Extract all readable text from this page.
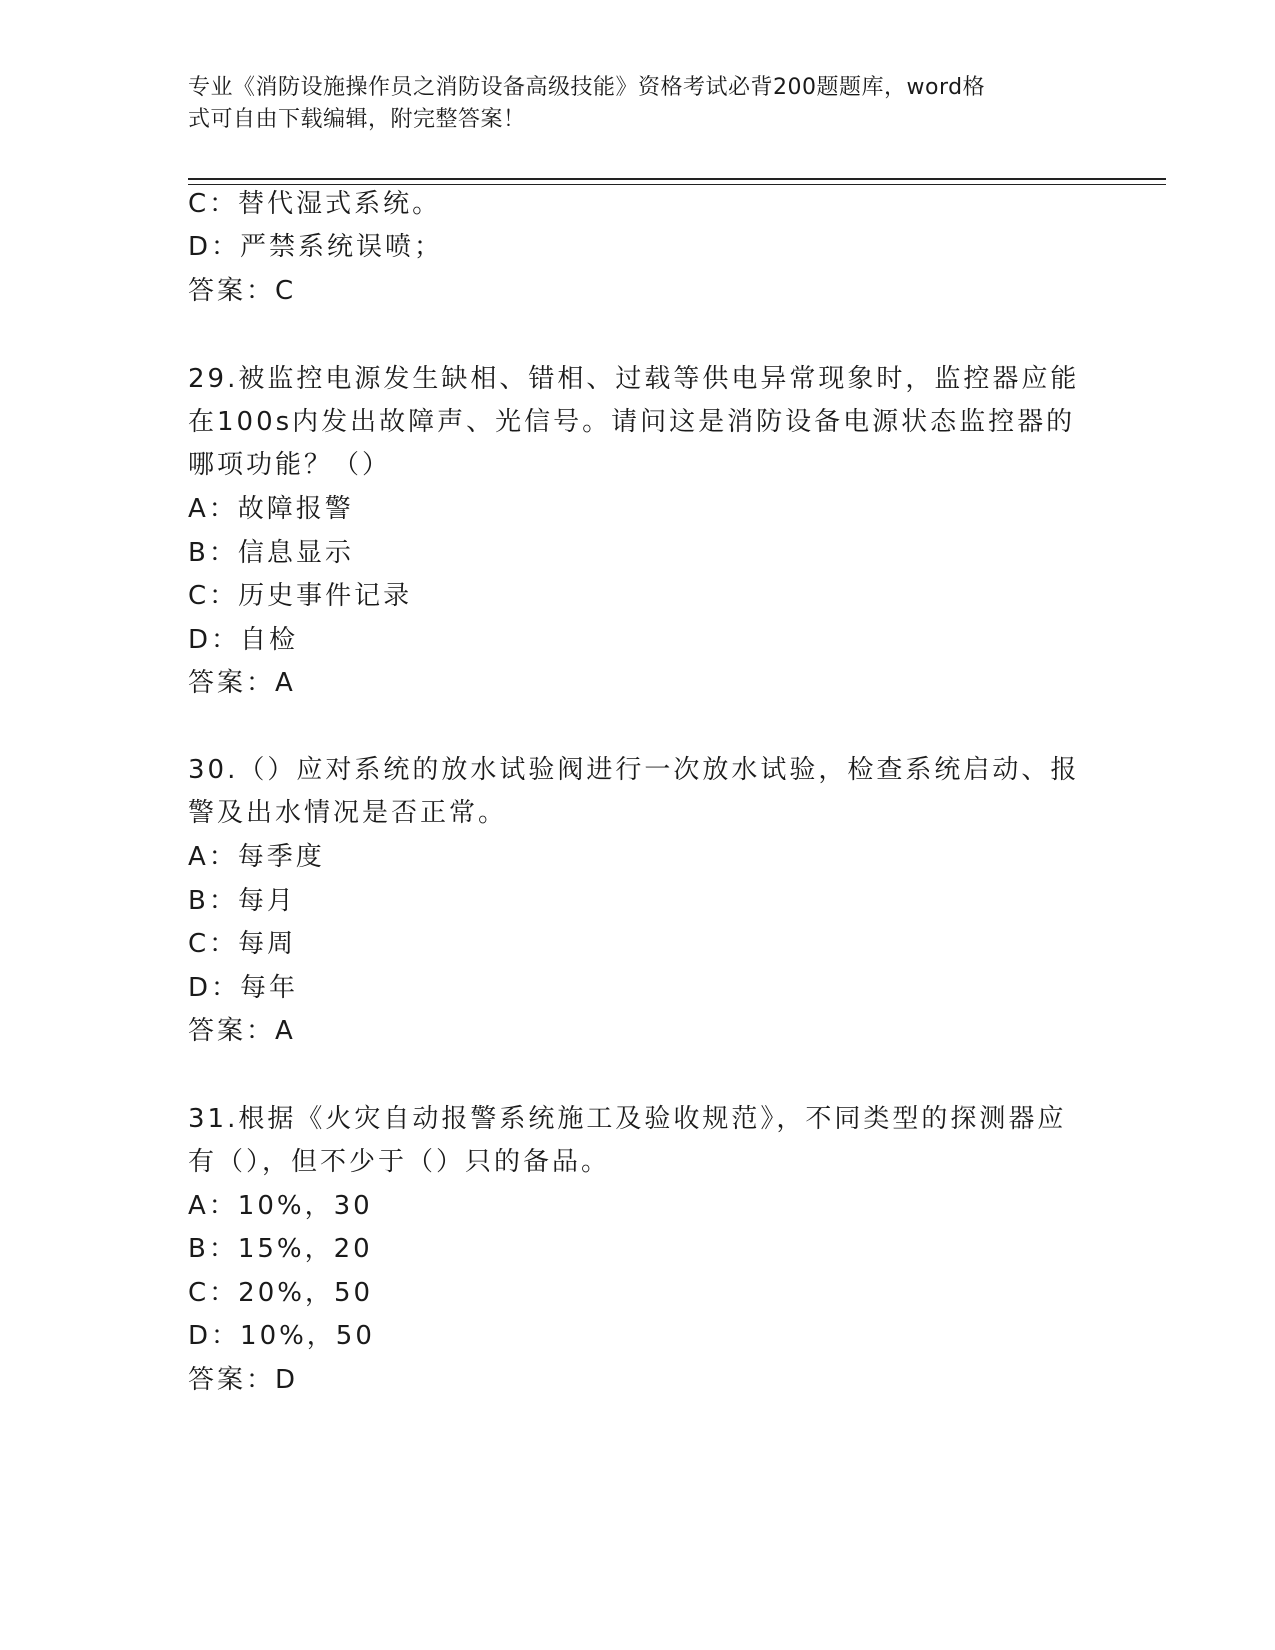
专业《消防设施操作员之消防设备高级技能》资格考试必背200题题库，word格
式可自由下载编辑，附完整答案！
C：替代湿式系统。
D：严禁系统误喷；
答案：C
29.被监控电源发生缺相、错相、过载等供电异常现象时，监控器应能
在100s内发出故障声、光信号。请问这是消防设备电源状态监控器的
哪项功能？（）
A：故障报警
B：信息显示
C：历史事件记录
D：自检
答案：A
30.（）应对系统的放水试验阀进行一次放水试验，检查系统启动、报
警及出水情况是否正常。
A：每季度
B：每月
C：每周
D：每年
答案：A
31.根据《火灾自动报警系统施工及验收规范》，不同类型的探测器应
有（），但不少于（）只的备品。
A：10%，30
B：15%，20
C：20%，50
D：10%，50
答案：D
